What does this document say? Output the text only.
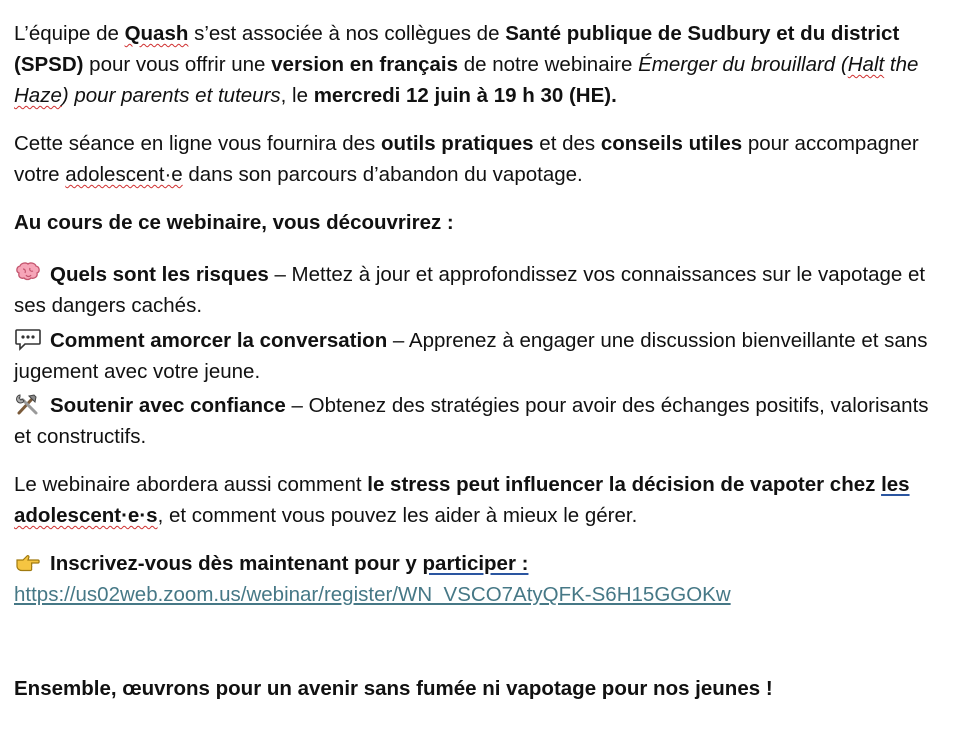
L’équipe de Quash s’est associée à nos collègues de Santé publique de Sudbury et du district (SPSD) pour vous offrir une version en français de notre webinaire Émerger du brouillard (Halt the Haze) pour parents et tuteurs, le mercredi 12 juin à 19 h 30 (HE).

Cette séance en ligne vous fournira des outils pratiques et des conseils utiles pour accompagner votre adolescent·e dans son parcours d’abandon du vapotage.

Au cours de ce webinaire, vous découvrirez :

Quels sont les risques – Mettez à jour et approfondissez vos connaissances sur le vapotage et ses dangers cachés.
Comment amorcer la conversation – Apprenez à engager une discussion bienveillante et sans jugement avec votre jeune.
Soutenir avec confiance – Obtenez des stratégies pour avoir des échanges positifs, valorisants et constructifs.

Le webinaire abordera aussi comment le stress peut influencer la décision de vapoter chez les adolescent·e·s, et comment vous pouvez les aider à mieux le gérer.

Inscrivez-vous dès maintenant pour y participer :
https://us02web.zoom.us/webinar/register/WN_VSCO7AtyQFK-S6H15GGOKw

Ensemble, œuvrons pour un avenir sans fumée ni vapotage pour nos jeunes !
